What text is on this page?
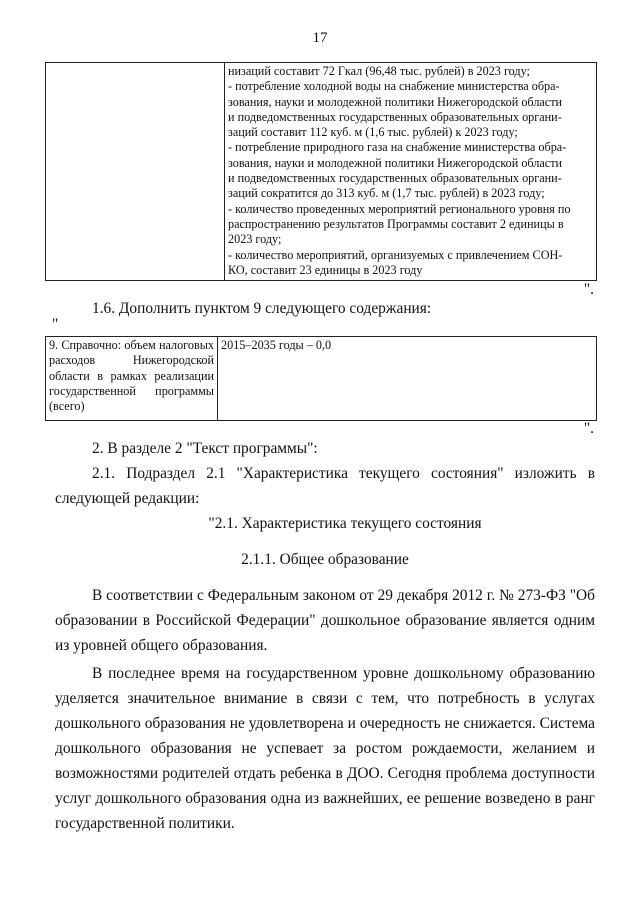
17

низаций составит 72 Гкал (96,48 тыс. рублей) в 2023 году;
- потребление холодной воды на снабжение министерства обра-
зования, науки и молодежной политики Нижегородской области
и подведомственных государственных образовательных органи-
заций составит 112 куб. м (1,6 тыс. рублей) к 2023 году;
- потребление природного газа на снабжение министерства обра-
зования, науки и молодежной политики Нижегородской области
и подведомственных государственных образовательных органи-
заций сократится до 313 куб. м (1,7 тыс. рублей) в 2023 году;
- количество проведенных мероприятий регионального уровня по
распространению результатов Программы составит 2 единицы в
2023 году;
- количество мероприятий, организуемых с привлечением СОН-
КО, составит 23 единицы в 2023 году
".
1.6. Дополнить пунктом 9 следующего содержания:
"
9. Справочно: объем налоговых расходов Нижегородской области в рамках реализации государственной программы (всего)	2015–2035 годы – 0,0
".

2. В разделе 2 "Текст программы":

2.1. Подраздел 2.1 "Характеристика текущего состояния" изложить в следующей редакции:

"2.1. Характеристика текущего состояния

2.1.1. Общее образование

В соответствии с Федеральным законом от 29 декабря 2012 г. № 273-ФЗ "Об образовании в Российской Федерации" дошкольное образование является одним из уровней общего образования.

В последнее время на государственном уровне дошкольному образованию уделяется значительное внимание в связи с тем, что потребность в услугах дошкольного образования не удовлетворена и очередность не снижается. Система дошкольного образования не успевает за ростом рождаемости, желанием и возможностями родителей отдать ребенка в ДОО. Сегодня проблема доступности услуг дошкольного образования одна из важнейших, ее решение возведено в ранг государственной политики.
